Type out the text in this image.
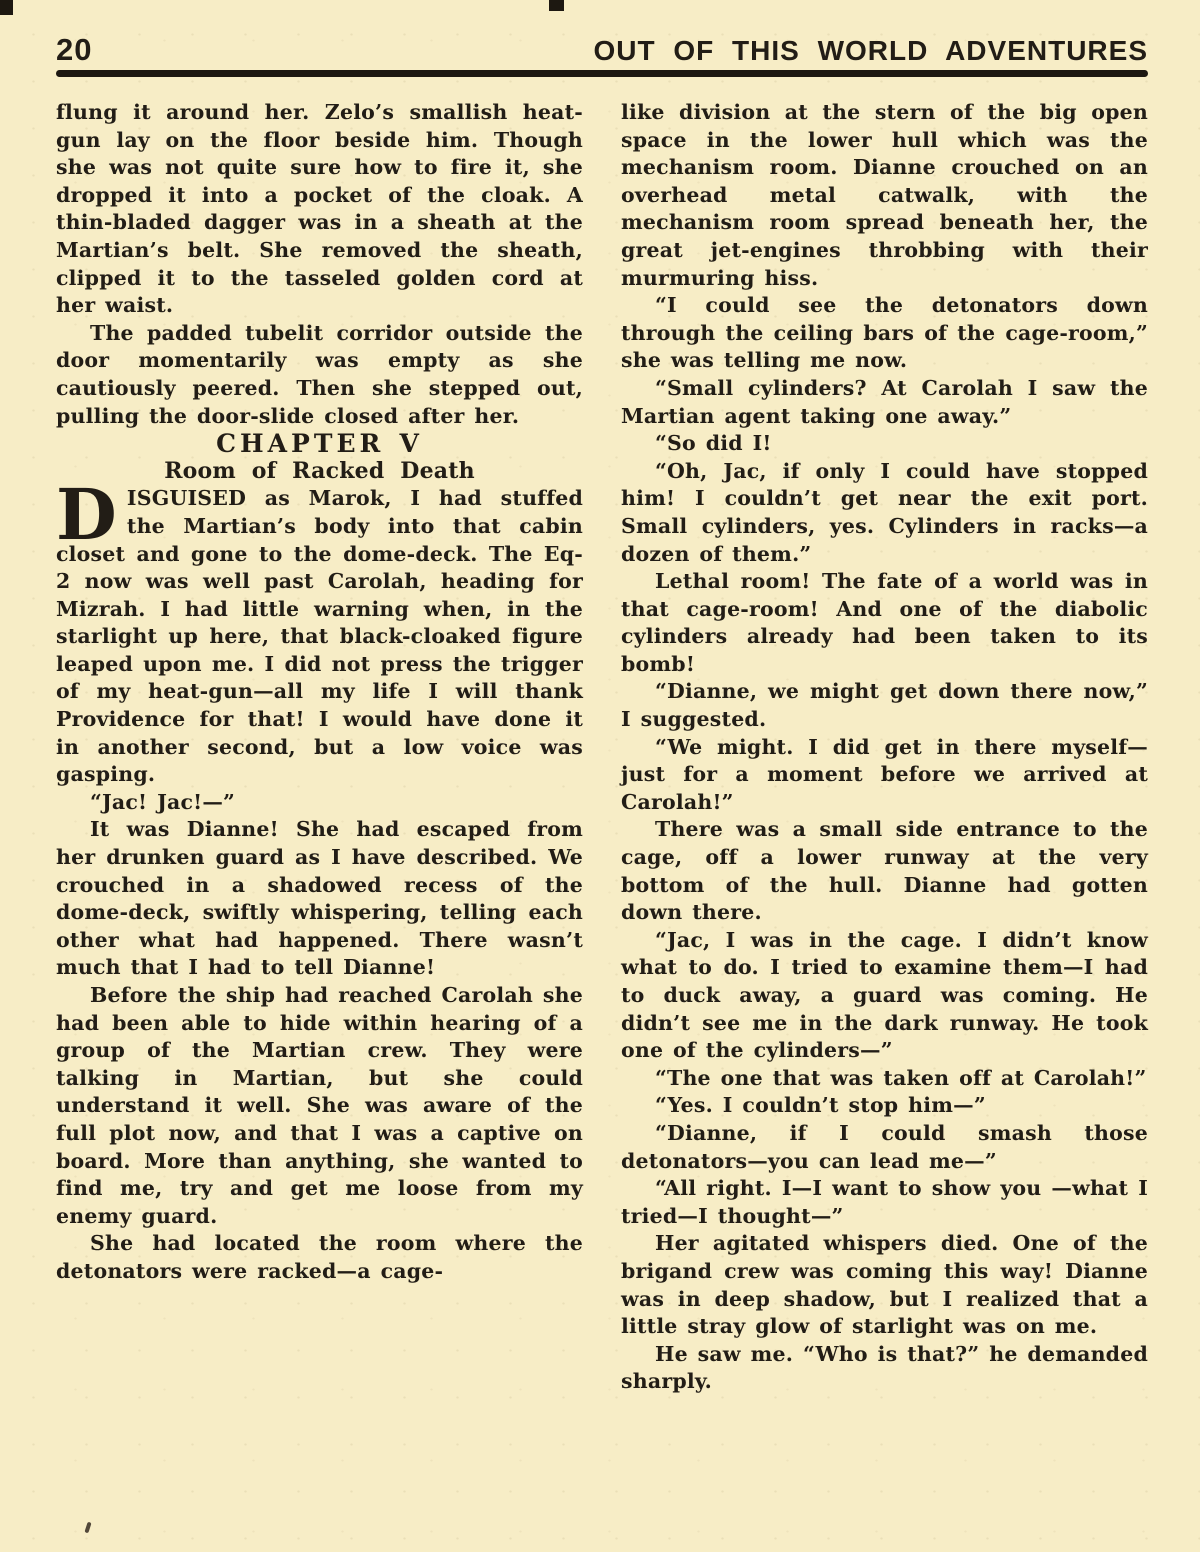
20	OUT OF THIS WORLD ADVENTURES

flung it around her. Zelo’s smallish heat-gun lay on the floor beside him. Though she was not quite sure how to fire it, she dropped it into a pocket of the cloak. A thin-bladed dagger was in a sheath at the Martian’s belt. She removed the sheath, clipped it to the tasseled golden cord at her waist.

The padded tubelit corridor outside the door momentarily was empty as she cautiously peered. Then she stepped out, pulling the door-slide closed after her.

CHAPTER V

Room of Racked Death

DISGUISED as Marok, I had stuffed the Martian’s body into that cabin closet and gone to the dome-deck. The Eq-2 now was well past Carolah, heading for Mizrah. I had little warning when, in the starlight up here, that black-cloaked figure leaped upon me. I did not press the trigger of my heat-gun—all my life I will thank Providence for that! I would have done it in another second, but a low voice was gasping.

“Jac! Jac!—”

It was Dianne! She had escaped from her drunken guard as I have described. We crouched in a shadowed recess of the dome-deck, swiftly whispering, telling each other what had happened. There wasn’t much that I had to tell Dianne!

Before the ship had reached Carolah she had been able to hide within hearing of a group of the Martian crew. They were talking in Martian, but she could understand it well. She was aware of the full plot now, and that I was a captive on board. More than anything, she wanted to find me, try and get me loose from my enemy guard.

She had located the room where the detonators were racked—a cage-

like division at the stern of the big open space in the lower hull which was the mechanism room. Dianne crouched on an overhead metal catwalk, with the mechanism room spread beneath her, the great jet-engines throbbing with their murmuring hiss.

“I could see the detonators down through the ceiling bars of the cage-room,” she was telling me now.

“Small cylinders? At Carolah I saw the Martian agent taking one away.”

“So did I!

“Oh, Jac, if only I could have stopped him! I couldn’t get near the exit port. Small cylinders, yes. Cylinders in racks—a dozen of them.”

Lethal room! The fate of a world was in that cage-room! And one of the diabolic cylinders already had been taken to its bomb!

“Dianne, we might get down there now,” I suggested.

“We might. I did get in there myself—just for a moment before we arrived at Carolah!”

There was a small side entrance to the cage, off a lower runway at the very bottom of the hull. Dianne had gotten down there.

“Jac, I was in the cage. I didn’t know what to do. I tried to examine them—I had to duck away, a guard was coming. He didn’t see me in the dark runway. He took one of the cylinders—”

“The one that was taken off at Carolah!”

“Yes. I couldn’t stop him—”

“Dianne, if I could smash those detonators—you can lead me—”

“All right. I—I want to show you —what I tried—I thought—”

Her agitated whispers died. One of the brigand crew was coming this way! Dianne was in deep shadow, but I realized that a little stray glow of starlight was on me.

He saw me. “Who is that?” he demanded sharply.
